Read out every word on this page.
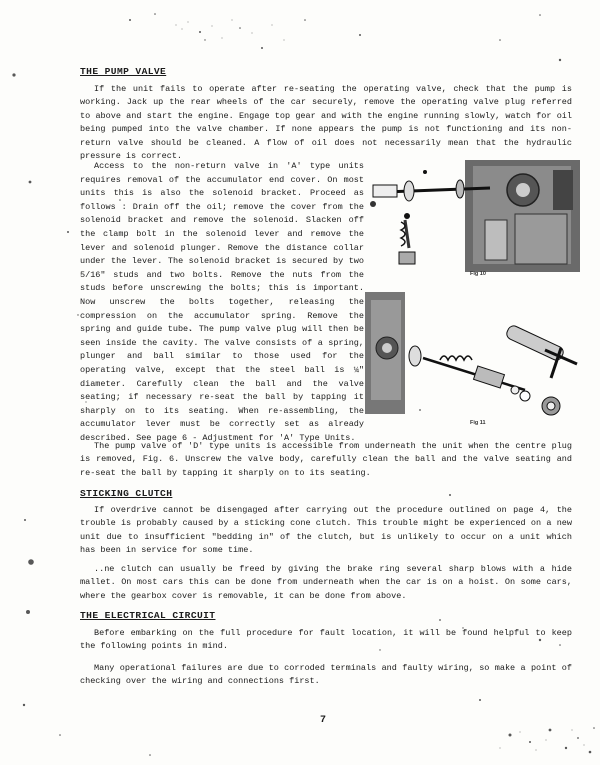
THE PUMP VALVE

If the unit fails to operate after re-seating the operating valve, check that the pump is working. Jack up the rear wheels of the car securely, remove the operating valve plug referred to above and start the engine. Engage top gear and with the engine running slowly, watch for oil being pumped into the valve chamber. If none appears the pump is not functioning and its non-return valve should be cleaned. A flow of oil does not necessarily mean that the hydraulic pressure is correct.

Access to the non-return valve in 'A' type units requires removal of the accumulator end cover. On most units this is also the solenoid bracket. Proceed as follows : Drain off the oil; remove the cover from the solenoid bracket and remove the solenoid. Slacken off the clamp bolt in the solenoid lever and remove the lever and solenoid plunger. Remove the distance collar under the lever. The solenoid bracket is secured by two 5/16" studs and two bolts. Remove the nuts from the studs before unscrewing the bolts; this is important. Now unscrew the bolts together, releasing the compression on the accumulator spring. Remove the spring and guide tube. The pump valve plug will then be seen inside the cavity. The valve consists of a spring, plunger and ball similar to those used for the operating valve, except that the steel ball is ¼" diameter. Carefully clean the ball and the valve seating; if necessary re-seat the ball by tapping it sharply on to its seating. When re-assembling, the accumulator lever must be correctly set as already described. See page 6 - Adjustment for 'A' Type Units.

Fig 10
Fig 11

The pump valve of 'D' type units is accessible from underneath the unit when the centre plug is removed, Fig. 6. Unscrew the valve body, carefully clean the ball and the valve seating and re-seat the ball by tapping it sharply on to its seating.

STICKING CLUTCH

If overdrive cannot be disengaged after carrying out the procedure outlined on page 4, the trouble is probably caused by a sticking cone clutch. This trouble might be experienced on a new unit due to insufficient "bedding in" of the clutch, but is unlikely to occur on a unit which has been in service for some time.

..ne clutch can usually be freed by giving the brake ring several sharp blows with a hide mallet. On most cars this can be done from underneath when the car is on a hoist. On some cars, where the gearbox cover is removable, it can be done from above.

THE ELECTRICAL CIRCUIT

Before embarking on the full procedure for fault location, it will be found helpful to keep the following points in mind.

Many operational failures are due to corroded terminals and faulty wiring, so make a point of checking over the wiring and connections first.

7
